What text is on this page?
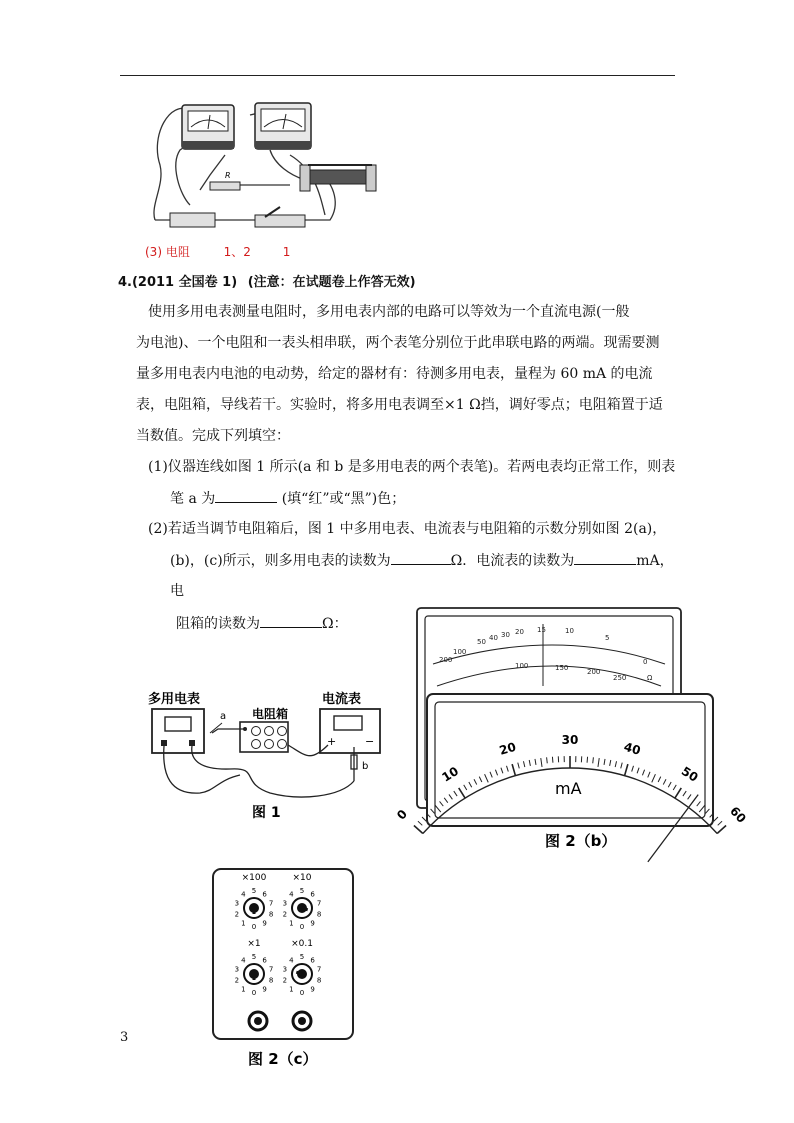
R
(3) 电阻	1、2	1
4.(2011 全国卷 1) (注意：在试题卷上作答无效)
使用多用电表测量电阻时，多用电表内部的电路可以等效为一个直流电源(一般
为电池)、一个电阻和一表头相串联，两个表笔分别位于此串联电路的两端。现需要测
量多用电表内电池的电动势，给定的器材有：待测多用电表，量程为 60 mA 的电流
表，电阻箱，导线若干。实验时，将多用电表调至×1 Ω挡，调好零点；电阻箱置于适
当数值。完成下列填空：
(1)仪器连线如图 1 所示(a 和 b 是多用电表的两个表笔)。若两电表均正常工作，则表
笔 a 为	(填“红”或“黑”)色；
(2)若适当调节电阻箱后，图 1 中多用电表、电流表与电阻箱的示数分别如图 2(a)，
(b)，(c)所示，则多用电表的读数为	Ω．电流表的读数为	mA，
电
阻箱的读数为	Ω：
多用电表
a 电阻箱
电流表
+	−
b
图 1
200
100
50 40 30 20 15	10
5
0
100	150	200
250	Ω
0
10
20	30	40
50
60
mA
图 2（b）
×100
0
1
2
3
4 5 6
7
8
9
×10
0
1
2
3
4 5 6
7
8
9
×1
0
1
2
3
4 5 6
7
8
9
×0.1
0
1
2
3
4 5 6
7
8
9
图 2（c）
3
